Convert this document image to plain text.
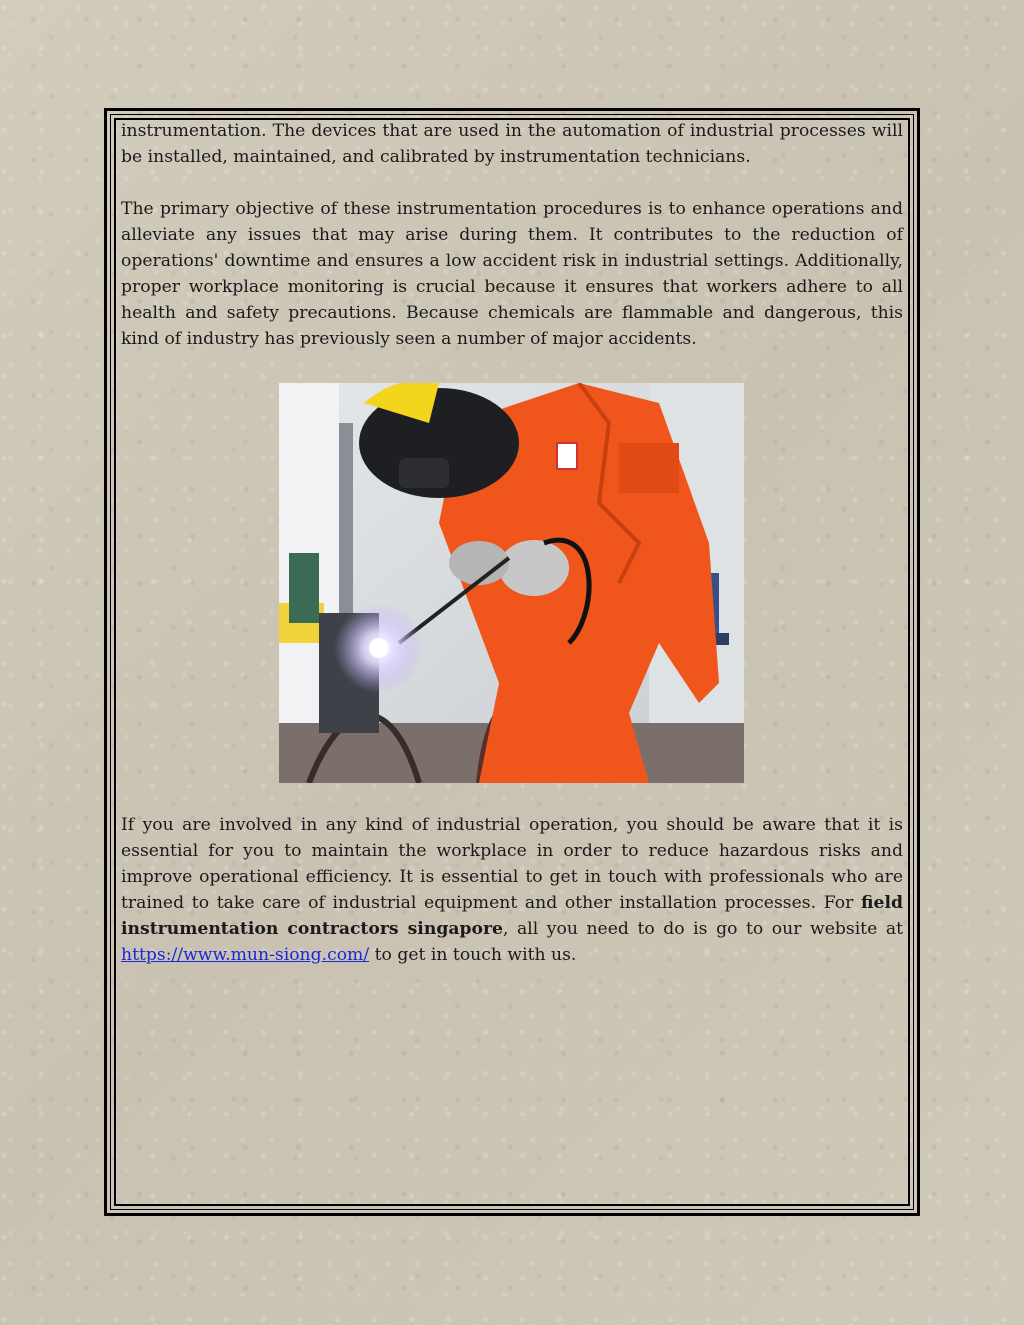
instrumentation. The devices that are used in the automation of industrial processes will be installed, maintained, and calibrated by instrumentation technicians.

The primary objective of these instrumentation procedures is to enhance operations and alleviate any issues that may arise during them. It contributes to the reduction of operations' downtime and ensures a low accident risk in industrial settings. Additionally, proper workplace monitoring is crucial because it ensures that workers adhere to all health and safety precautions. Because chemicals are flammable and dangerous, this kind of industry has previously seen a number of major accidents.

If you are involved in any kind of industrial operation, you should be aware that it is essential for you to maintain the workplace in order to reduce hazardous risks and improve operational efficiency. It is essential to get in touch with professionals who are trained to take care of industrial equipment and other installation processes. For field instrumentation contractors singapore, all you need to do is go to our website at https://www.mun-siong.com/ to get in touch with us.
